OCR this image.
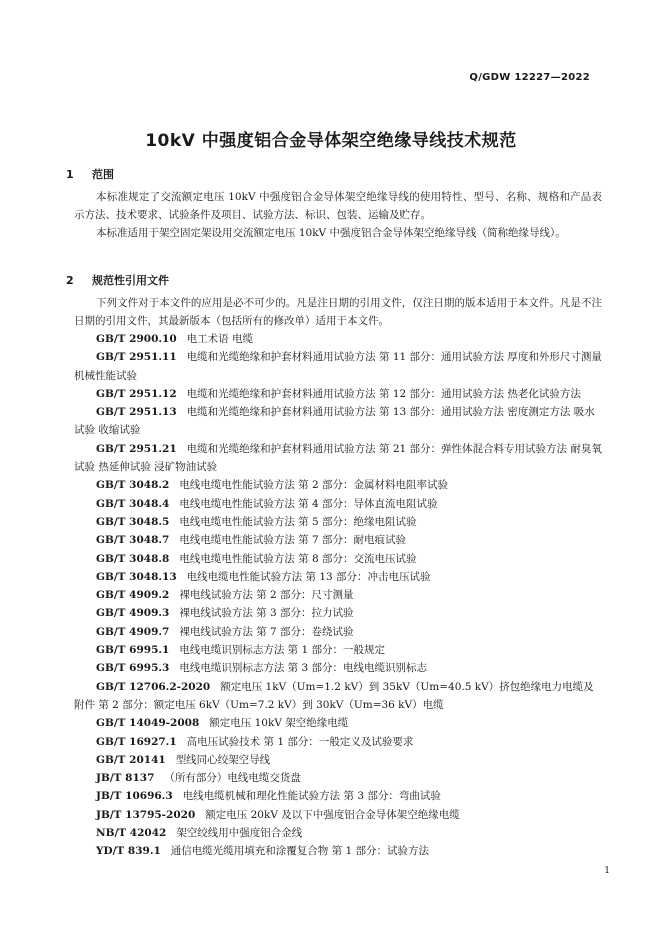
Q/GDW 12227—2022
10kV 中强度铝合金导体架空绝缘导线技术规范
1 范围

本标准规定了交流额定电压 10kV 中强度铝合金导体架空绝缘导线的使用特性、型号、名称、规格和产品表示方法、技术要求、试验条件及项目、试验方法、标识、包装、运输及贮存。

本标准适用于架空固定架设用交流额定电压 10kV 中强度铝合金导体架空绝缘导线（简称绝缘导线）。

2 规范性引用文件

下列文件对于本文件的应用是必不可少的。凡是注日期的引用文件，仅注日期的版本适用于本文件。凡是不注日期的引用文件，其最新版本（包括所有的修改单）适用于本文件。

GB/T 2900.10 电工术语 电缆
GB/T 2951.11 电缆和光缆绝缘和护套材料通用试验方法 第 11 部分：通用试验方法 厚度和外形尺寸测量 机械性能试验
GB/T 2951.12 电缆和光缆绝缘和护套材料通用试验方法 第 12 部分：通用试验方法 热老化试验方法
GB/T 2951.13 电缆和光缆绝缘和护套材料通用试验方法 第 13 部分：通用试验方法 密度测定方法 吸水试验 收缩试验
GB/T 2951.21 电缆和光缆绝缘和护套材料通用试验方法 第 21 部分：弹性体混合料专用试验方法 耐臭氧试验 热延伸试验 浸矿物油试验
GB/T 3048.2 电线电缆电性能试验方法 第 2 部分：金属材料电阻率试验
GB/T 3048.4 电线电缆电性能试验方法 第 4 部分：导体直流电阻试验
GB/T 3048.5 电线电缆电性能试验方法 第 5 部分：绝缘电阻试验
GB/T 3048.7 电线电缆电性能试验方法 第 7 部分：耐电痕试验
GB/T 3048.8 电线电缆电性能试验方法 第 8 部分：交流电压试验
GB/T 3048.13 电线电缆电性能试验方法 第 13 部分：冲击电压试验
GB/T 4909.2 裸电线试验方法 第 2 部分：尺寸测量
GB/T 4909.3 裸电线试验方法 第 3 部分：拉力试验
GB/T 4909.7 裸电线试验方法 第 7 部分：卷绕试验
GB/T 6995.1 电线电缆识别标志方法 第 1 部分：一般规定
GB/T 6995.3 电线电缆识别标志方法 第 3 部分：电线电缆识别标志
GB/T 12706.2-2020 额定电压 1kV（Um=1.2 kV）到 35kV（Um=40.5 kV）挤包绝缘电力电缆及附件 第 2 部分：额定电压 6kV（Um=7.2 kV）到 30kV（Um=36 kV）电缆
GB/T 14049-2008 额定电压 10kV 架空绝缘电缆
GB/T 16927.1 高电压试验技术 第 1 部分：一般定义及试验要求
GB/T 20141 型线同心绞架空导线
JB/T 8137 （所有部分）电线电缆交货盘
JB/T 10696.3 电线电缆机械和理化性能试验方法 第 3 部分：弯曲试验
JB/T 13795-2020 额定电压 20kV 及以下中强度铝合金导体架空绝缘电缆
NB/T 42042 架空绞线用中强度铝合金线
YD/T 839.1 通信电缆光缆用填充和涂覆复合物 第 1 部分：试验方法
1
